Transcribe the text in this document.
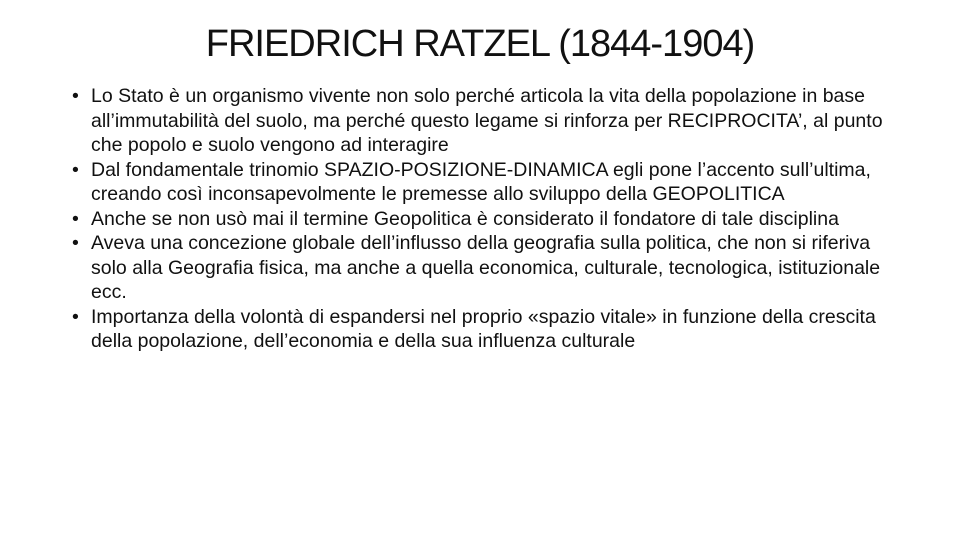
FRIEDRICH RATZEL (1844-1904)
• Lo Stato è un organismo vivente non solo perché articola la vita della popolazione in base all’immutabilità del suolo, ma perché questo legame si rinforza per RECIPROCITA’, al punto che popolo e suolo vengono ad interagire
• Dal fondamentale trinomio SPAZIO-POSIZIONE-DINAMICA egli pone l’accento sull’ultima, creando così inconsapevolmente le premesse allo sviluppo della GEOPOLITICA
• Anche se non usò mai il termine Geopolitica è considerato il fondatore di tale disciplina
• Aveva una concezione globale dell’influsso della geografia sulla politica, che non si riferiva solo alla Geografia fisica, ma anche a quella economica, culturale, tecnologica, istituzionale ecc.
• Importanza della volontà di espandersi nel proprio «spazio vitale» in funzione della crescita della popolazione, dell’economia e della sua influenza culturale
